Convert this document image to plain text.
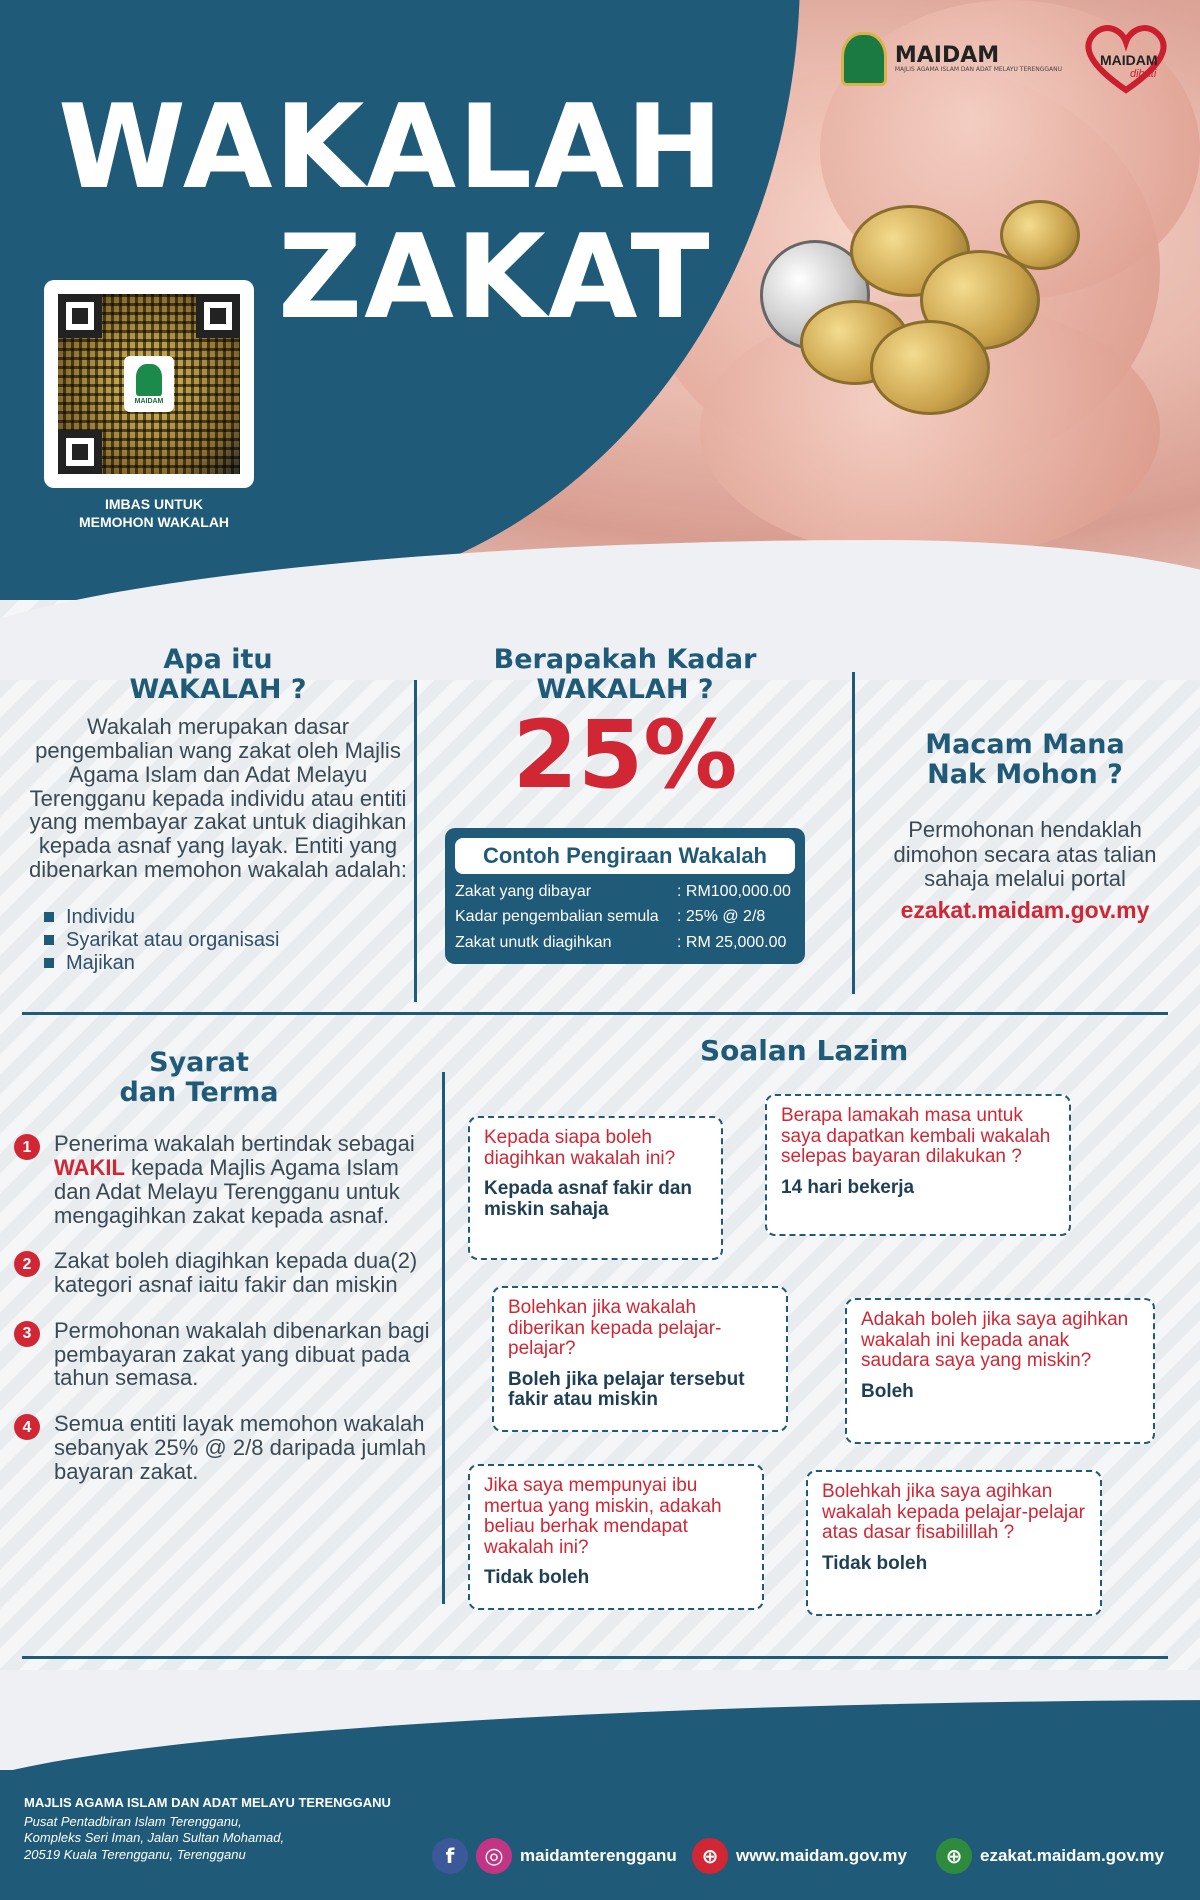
WAKALAH
ZAKAT
MAIDAM
IMBAS UNTUK
MEMOHON WAKALAH
MAIDAM
MAJLIS AGAMA ISLAM DAN ADAT MELAYU TERENGGANU
MAIDAM
dihati
Apa itu
WAKALAH ?

Wakalah merupakan dasar pengembalian wang zakat oleh Majlis Agama Islam dan Adat Melayu Terengganu kepada individu atau entiti yang membayar zakat untuk diagihkan kepada asnaf yang layak. Entiti yang dibenarkan memohon wakalah adalah:

Individu
Syarikat atau organisasi
Majikan
Berapakah Kadar
WAKALAH ?
25%
Contoh Pengiraan Wakalah
Zakat yang dibayar	: RM100,000.00
Kadar pengembalian semula	: 25% @ 2/8
Zakat unutk diagihkan	: RM 25,000.00
Macam Mana
Nak Mohon ?

Permohonan hendaklah dimohon secara atas talian sahaja melalui portal

ezakat.maidam.gov.my
Syarat
dan Terma
1	Penerima wakalah bertindak sebagai WAKIL kepada Majlis Agama Islam dan Adat Melayu Terengganu untuk mengagihkan zakat kepada asnaf.
2	Zakat boleh diagihkan kepada dua(2) kategori asnaf iaitu fakir dan miskin
3	Permohonan wakalah dibenarkan bagi pembayaran zakat yang dibuat pada tahun semasa.
4	Semua entiti layak memohon wakalah sebanyak 25% @ 2/8 daripada jumlah bayaran zakat.
Soalan Lazim
Kepada siapa boleh diagihkan wakalah ini?
Kepada asnaf fakir dan miskin sahaja
Berapa lamakah masa untuk saya dapatkan kembali wakalah selepas bayaran dilakukan ?
14 hari bekerja
Bolehkan jika wakalah diberikan kepada pelajar-pelajar?
Boleh jika pelajar tersebut fakir atau miskin
Adakah boleh jika saya agihkan wakalah ini kepada anak saudara saya yang miskin?
Boleh
Jika saya mempunyai ibu mertua yang miskin, adakah beliau berhak mendapat wakalah ini?
Tidak boleh
Bolehkah jika saya agihkan wakalah kepada pelajar-pelajar atas dasar fisabilillah ?
Tidak boleh
MAJLIS AGAMA ISLAM DAN ADAT MELAYU TERENGGANU
Pusat Pentadbiran Islam Terengganu,
Kompleks Seri Iman, Jalan Sultan Mohamad,
20519 Kuala Terengganu, Terengganu	f	◎ maidamterengganu	⊕	www.maidam.gov.my	⊕	ezakat.maidam.gov.my
